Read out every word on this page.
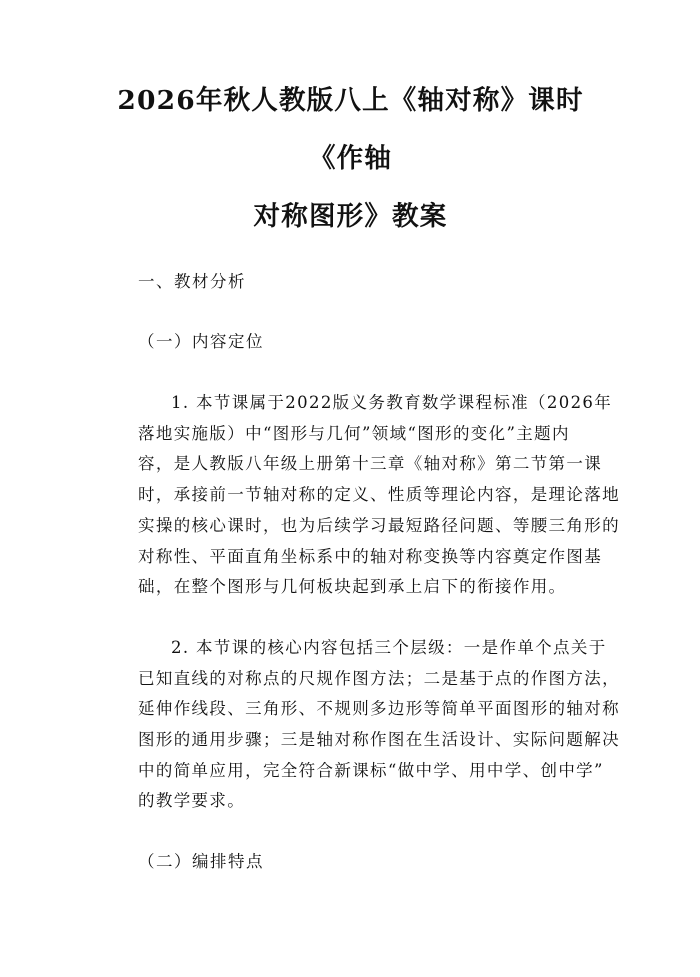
2026年秋人教版八上《轴对称》课时《作轴
对称图形》教案

一、教材分析

（一）内容定位

1. 本节课属于2022版义务教育数学课程标准（2026年
落地实施版）中“图形与几何”领域“图形的变化”主题内
容，是人教版八年级上册第十三章《轴对称》第二节第一课
时，承接前一节轴对称的定义、性质等理论内容，是理论落地
实操的核心课时，也为后续学习最短路径问题、等腰三角形的
对称性、平面直角坐标系中的轴对称变换等内容奠定作图基
础，在整个图形与几何板块起到承上启下的衔接作用。
2. 本节课的核心内容包括三个层级：一是作单个点关于
已知直线的对称点的尺规作图方法；二是基于点的作图方法，
延伸作线段、三角形、不规则多边形等简单平面图形的轴对称
图形的通用步骤；三是轴对称作图在生活设计、实际问题解决
中的简单应用，完全符合新课标“做中学、用中学、创中学”
的教学要求。

（二）编排特点
